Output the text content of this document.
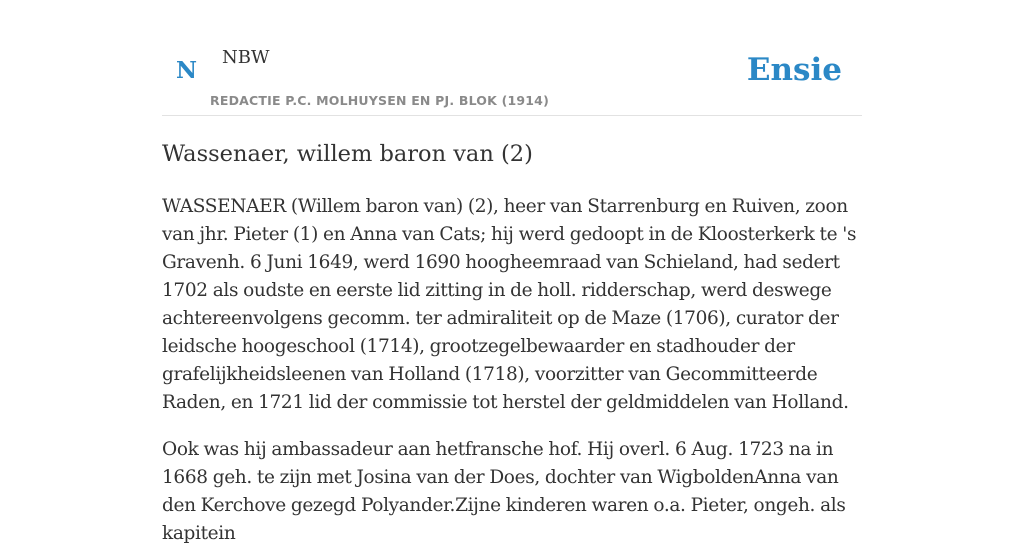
N NBW
REDACTIE P.C. MOLHUYSEN EN PJ. BLOK (1914)
Ensie
Wassenaer, willem baron van (2)

WASSENAER (Willem baron van) (2), heer van Starrenburg en Ruiven, zoon van jhr. Pieter (1) en Anna van Cats; hij werd gedoopt in de Kloosterkerk te 's Gravenh. 6 Juni 1649, werd 1690 hoogheemraad van Schieland, had sedert 1702 als oudste en eerste lid zitting in de holl. ridderschap, werd deswege achtereenvolgens gecomm. ter admiraliteit op de Maze (1706), curator der leidsche hoogeschool (1714), grootzegelbewaarder en stadhouder der grafelijkheidsleenen van Holland (1718), voorzitter van Gecommitteerde Raden, en 1721 lid der commissie tot herstel der geldmiddelen van Holland.

Ook was hij ambassadeur aan hetfransche hof. Hij overl. 6 Aug. 1723 na in 1668 geh. te zijn met Josina van der Does, dochter van WigboldenAnna van den Kerchove gezegd Polyander.Zijne kinderen waren o.a. Pieter, ongeh. als kapitein
